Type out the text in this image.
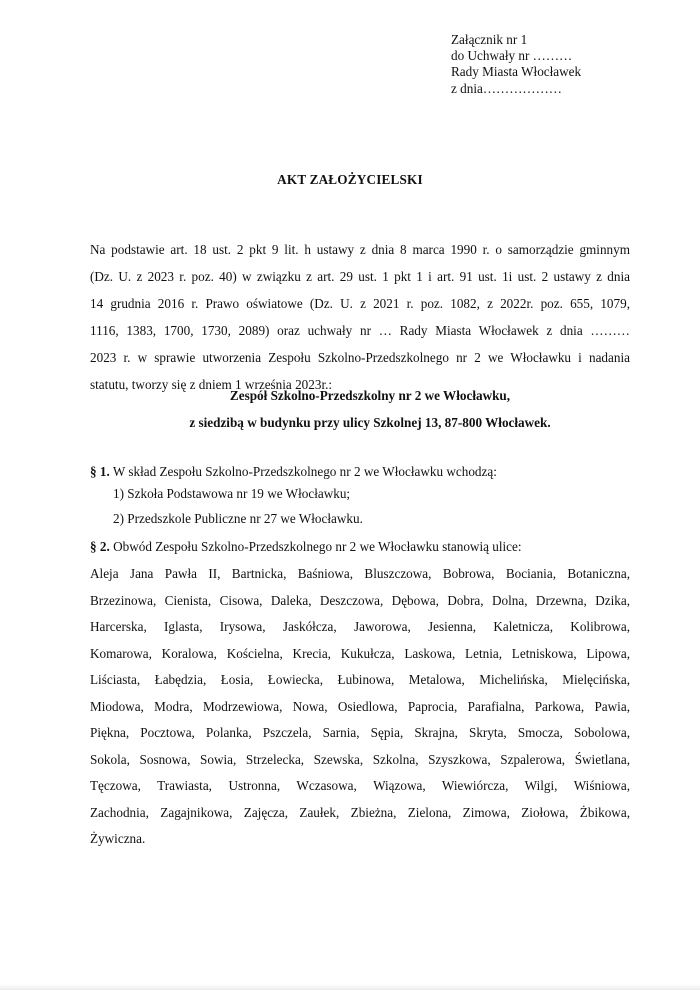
Załącznik nr 1
do Uchwały nr ………
Rady Miasta Włocławek
z dnia………………
AKT ZAŁOŻYCIELSKI
Na podstawie art. 18 ust. 2 pkt 9 lit. h ustawy z dnia 8 marca 1990 r. o samorządzie gminnym
(Dz. U. z 2023 r. poz. 40) w związku z art. 29 ust. 1 pkt 1 i art. 91 ust. 1i ust. 2 ustawy z dnia
14 grudnia 2016 r. Prawo oświatowe (Dz. U. z 2021 r. poz. 1082, z 2022r. poz. 655, 1079,
1116, 1383, 1700, 1730, 2089) oraz uchwały nr … Rady Miasta Włocławek z dnia ………
2023 r. w sprawie utworzenia Zespołu Szkolno-Przedszkolnego nr 2 we Włocławku i nadania
statutu, tworzy się z dniem 1 września 2023r.:
Zespół Szkolno-Przedszkolny nr 2 we Włocławku,
z siedzibą w budynku przy ulicy Szkolnej 13, 87-800 Włocławek.
§ 1. W skład Zespołu Szkolno-Przedszkolnego nr 2 we Włocławku wchodzą:
1) Szkoła Podstawowa nr 19 we Włocławku;
2) Przedszkole Publiczne nr 27 we Włocławku.
§ 2. Obwód Zespołu Szkolno-Przedszkolnego nr 2 we Włocławku stanowią ulice:
Aleja Jana Pawła II, Bartnicka, Baśniowa, Bluszczowa, Bobrowa, Bociania, Botaniczna,
Brzezinowa, Cienista, Cisowa, Daleka, Deszczowa, Dębowa, Dobra, Dolna, Drzewna, Dzika,
Harcerska, Iglasta, Irysowa, Jaskółcza, Jaworowa, Jesienna, Kaletnicza, Kolibrowa,
Komarowa, Koralowa, Kościelna, Krecia, Kukułcza, Laskowa, Letnia, Letniskowa, Lipowa,
Liściasta, Łabędzia, Łosia, Łowiecka, Łubinowa, Metalowa, Michelińska, Mielęcińska,
Miodowa, Modra, Modrzewiowa, Nowa, Osiedlowa, Paprocia, Parafialna, Parkowa, Pawia,
Piękna, Pocztowa, Polanka, Pszczela, Sarnia, Sępia, Skrajna, Skryta, Smocza, Sobolowa,
Sokola, Sosnowa, Sowia, Strzelecka, Szewska, Szkolna, Szyszkowa, Szpalerowa, Świetlana,
Tęczowa, Trawiasta, Ustronna, Wczasowa, Wiązowa, Wiewiórcza, Wilgi, Wiśniowa,
Zachodnia, Zagajnikowa, Zajęcza, Zaułek, Zbieżna, Zielona, Zimowa, Ziołowa, Żbikowa,
Żywiczna.
